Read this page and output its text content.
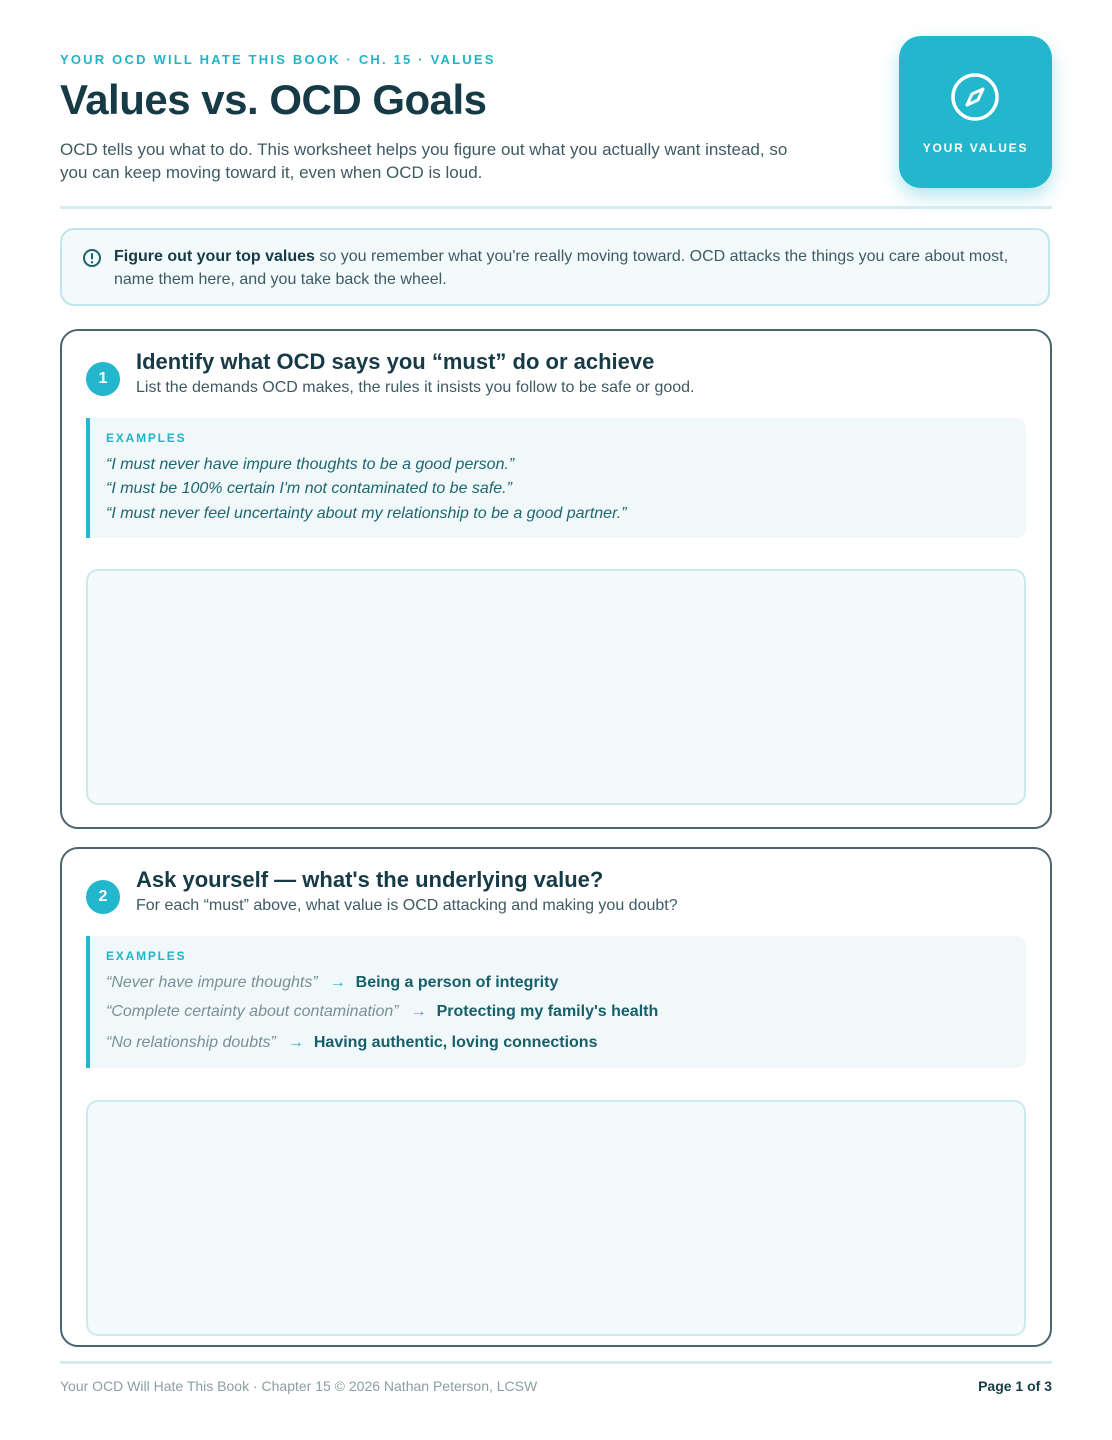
YOUR OCD WILL HATE THIS BOOK · CH. 15 · VALUES
Values vs. OCD Goals
OCD tells you what to do. This worksheet helps you figure out what you actually want instead, so you can keep moving toward it, even when OCD is loud.
YOUR VALUES
Figure out your top values so you remember what you're really moving toward. OCD attacks the things you care about most, name them here, and you take back the wheel.
1
Identify what OCD says you “must” do or achieve
List the demands OCD makes, the rules it insists you follow to be safe or good.
EXAMPLES
“I must never have impure thoughts to be a good person.”
“I must be 100% certain I'm not contaminated to be safe.”
“I must never feel uncertainty about my relationship to be a good partner.”
2
Ask yourself — what's the underlying value?
For each “must” above, what value is OCD attacking and making you doubt?
EXAMPLES
“Never have impure thoughts” → Being a person of integrity
“Complete certainty about contamination” → Protecting my family's health
“No relationship doubts” → Having authentic, loving connections
Your OCD Will Hate This Book · Chapter 15 © 2026 Nathan Peterson, LCSW	Page 1 of 3
